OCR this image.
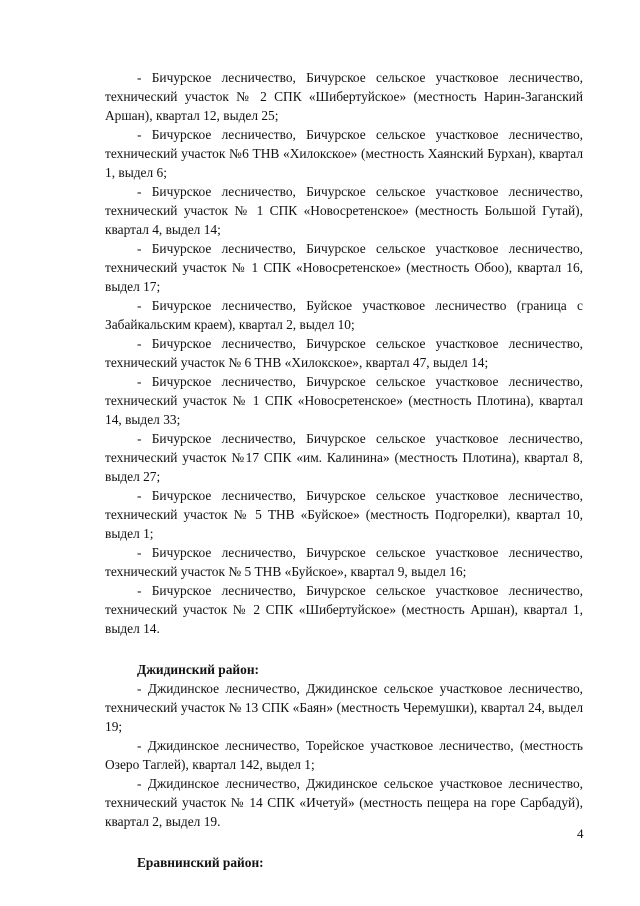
- Бичурское лесничество, Бичурское сельское участковое лесничество, технический участок № 2 СПК «Шибертуйское» (местность Нарин-Заганский Аршан), квартал 12, выдел 25;

- Бичурское лесничество, Бичурское сельское участковое лесничество, технический участок №6 ТНВ «Хилокское» (местность Хаянский Бурхан), квартал 1, выдел 6;

- Бичурское лесничество, Бичурское сельское участковое лесничество, технический участок № 1 СПК «Новосретенское» (местность Большой Гутай), квартал 4, выдел 14;

- Бичурское лесничество, Бичурское сельское участковое лесничество, технический участок № 1 СПК «Новосретенское» (местность Обоо), квартал 16, выдел 17;

- Бичурское лесничество, Буйское участковое лесничество (граница с Забайкальским краем), квартал 2, выдел 10;

- Бичурское лесничество, Бичурское сельское участковое лесничество, технический участок № 6 ТНВ «Хилокское», квартал 47, выдел 14;

- Бичурское лесничество, Бичурское сельское участковое лесничество, технический участок № 1 СПК «Новосретенское» (местность Плотина), квартал 14, выдел 33;

- Бичурское лесничество, Бичурское сельское участковое лесничество, технический участок №17 СПК «им. Калинина» (местность Плотина), квартал 8, выдел 27;

- Бичурское лесничество, Бичурское сельское участковое лесничество, технический участок № 5 ТНВ «Буйское» (местность Подгорелки), квартал 10, выдел 1;

- Бичурское лесничество, Бичурское сельское участковое лесничество, технический участок № 5 ТНВ «Буйское», квартал 9, выдел 16;

- Бичурское лесничество, Бичурское сельское участковое лесничество, технический участок № 2 СПК «Шибертуйское» (местность Аршан), квартал 1, выдел 14.

Джидинский район:

- Джидинское лесничество, Джидинское сельское участковое лесничество, технический участок № 13 СПК «Баян» (местность Черемушки), квартал 24, выдел 19;

- Джидинское лесничество, Торейское участковое лесничество, (местность Озеро Таглей), квартал 142, выдел 1;

- Джидинское лесничество, Джидинское сельское участковое лесничество, технический участок № 14 СПК «Ичетуй» (местность пещера на горе Сарбадуй), квартал 2, выдел 19.

Еравнинский район:

4
